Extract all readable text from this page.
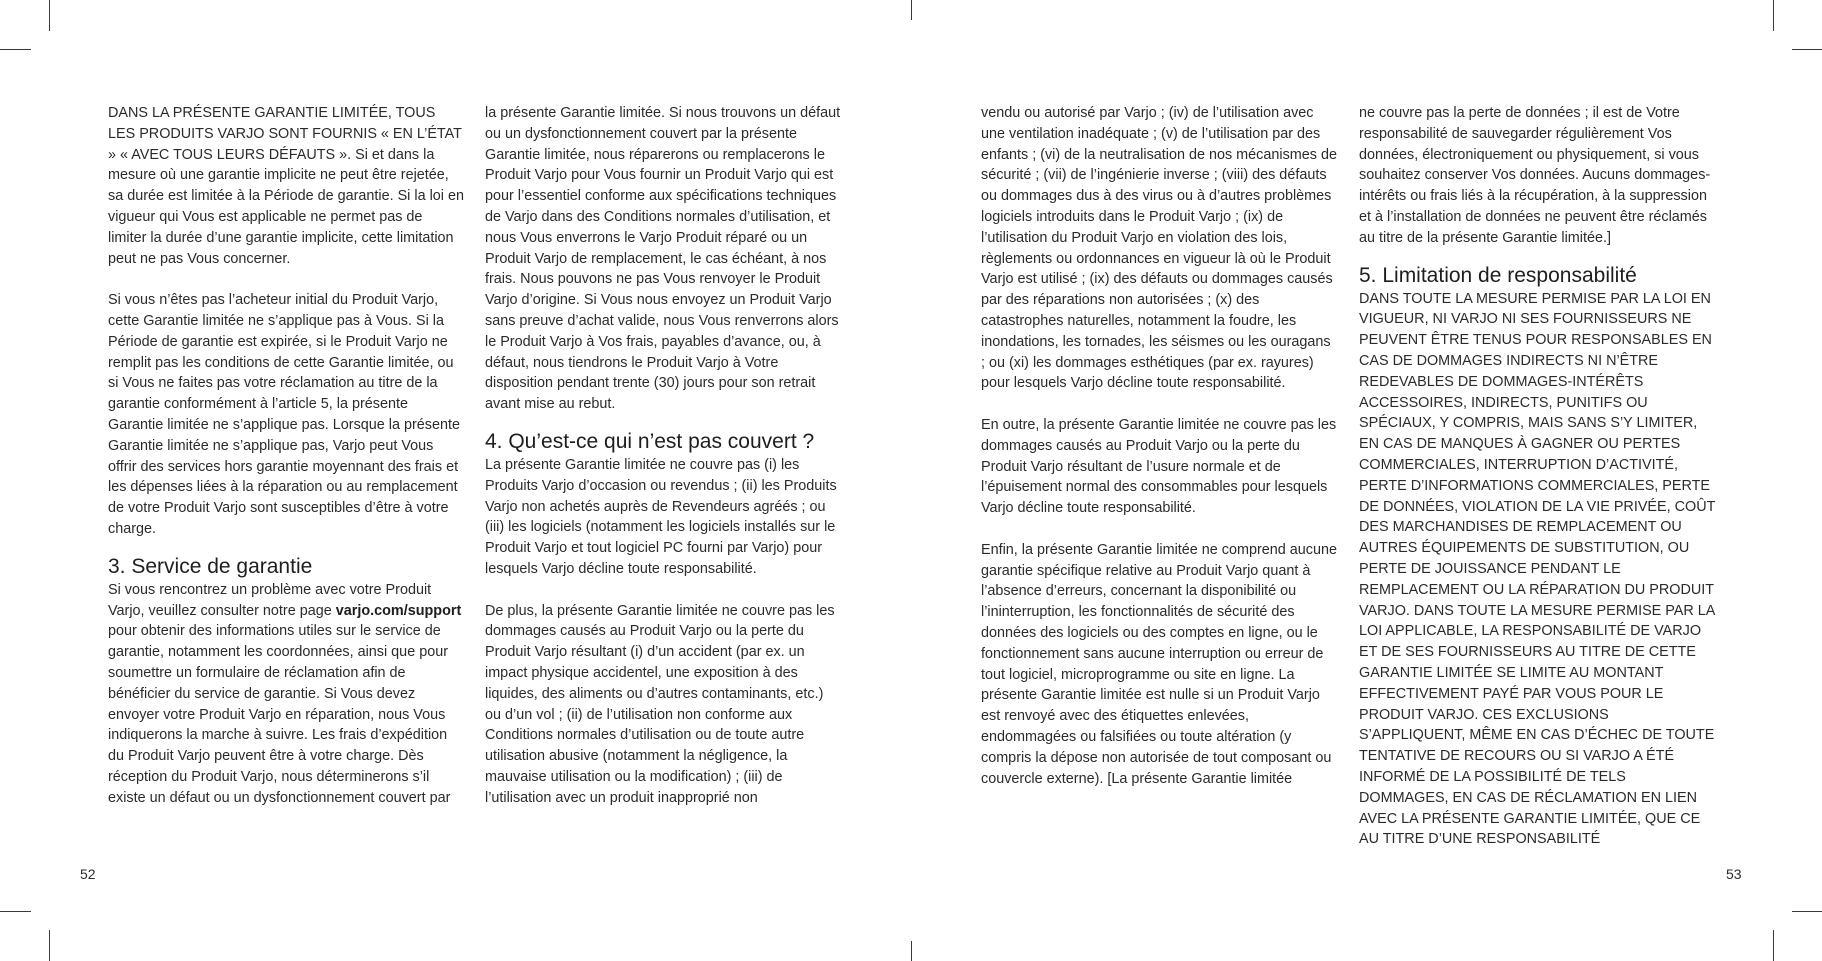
DANS LA PRÉSENTE GARANTIE LIMITÉE, TOUS LES PRODUITS VARJO SONT FOURNIS « EN L’ÉTAT » « AVEC TOUS LEURS DÉFAUTS ». Si et dans la mesure où une garantie implicite ne peut être rejetée, sa durée est limitée à la Période de garantie. Si la loi en vigueur qui Vous est applicable ne permet pas de limiter la durée d’une garantie implicite, cette limitation peut ne pas Vous concerner.

Si vous n’êtes pas l’acheteur initial du Produit Varjo, cette Garantie limitée ne s’applique pas à Vous. Si la Période de garantie est expirée, si le Produit Varjo ne remplit pas les conditions de cette Garantie limitée, ou si Vous ne faites pas votre réclamation au titre de la garantie conformément à l’article 5, la présente Garantie limitée ne s’applique pas. Lorsque la présente Garantie limitée ne s’applique pas, Varjo peut Vous offrir des services hors garantie moyennant des frais et les dépenses liées à la réparation ou au remplacement de votre Produit Varjo sont susceptibles d’être à votre charge.

3. Service de garantie

Si vous rencontrez un problème avec votre Produit Varjo, veuillez consulter notre page varjo.com/support pour obtenir des informations utiles sur le service de garantie, notamment les coordonnées, ainsi que pour soumettre un formulaire de réclamation afin de bénéficier du service de garantie. Si Vous devez envoyer votre Produit Varjo en réparation, nous Vous indiquerons la marche à suivre. Les frais d’expédition du Produit Varjo peuvent être à votre charge. Dès réception du Produit Varjo, nous déterminerons s’il existe un défaut ou un dysfonctionnement couvert par

la présente Garantie limitée. Si nous trouvons un défaut ou un dysfonctionnement couvert par la présente Garantie limitée, nous réparerons ou remplacerons le Produit Varjo pour Vous fournir un Produit Varjo qui est pour l’essentiel conforme aux spécifications techniques de Varjo dans des Conditions normales d’utilisation, et nous Vous enverrons le Varjo Produit réparé ou un Produit Varjo de remplacement, le cas échéant, à nos frais. Nous pouvons ne pas Vous renvoyer le Produit Varjo d’origine. Si Vous nous envoyez un Produit Varjo sans preuve d’achat valide, nous Vous renverrons alors le Produit Varjo à Vos frais, payables d’avance, ou, à défaut, nous tiendrons le Produit Varjo à Votre disposition pendant trente (30) jours pour son retrait avant mise au rebut.

4. Qu’est-ce qui n’est pas couvert ?

La présente Garantie limitée ne couvre pas (i) les Produits Varjo d’occasion ou revendus ; (ii) les Produits Varjo non achetés auprès de Revendeurs agréés ; ou (iii) les logiciels (notamment les logiciels installés sur le Produit Varjo et tout logiciel PC fourni par Varjo) pour lesquels Varjo décline toute responsabilité.

De plus, la présente Garantie limitée ne couvre pas les dommages causés au Produit Varjo ou la perte du Produit Varjo résultant (i) d’un accident (par ex. un impact physique accidentel, une exposition à des liquides, des aliments ou d’autres contaminants, etc.) ou d’un vol ; (ii) de l’utilisation non conforme aux Conditions normales d’utilisation ou de toute autre utilisation abusive (notamment la négligence, la mauvaise utilisation ou la modification) ; (iii) de l’utilisation avec un produit inapproprié non

52

vendu ou autorisé par Varjo ; (iv) de l’utilisation avec une ventilation inadéquate ; (v) de l’utilisation par des enfants ; (vi) de la neutralisation de nos mécanismes de sécurité ; (vii) de l’ingénierie inverse ; (viii) des défauts ou dommages dus à des virus ou à d’autres problèmes logiciels introduits dans le Produit Varjo ; (ix) de l’utilisation du Produit Varjo en violation des lois, règlements ou ordonnances en vigueur là où le Produit Varjo est utilisé ; (ix) des défauts ou dommages causés par des réparations non autorisées ; (x) des catastrophes naturelles, notamment la foudre, les inondations, les tornades, les séismes ou les ouragans ; ou (xi) les dommages esthétiques (par ex. rayures) pour lesquels Varjo décline toute responsabilité.

En outre, la présente Garantie limitée ne couvre pas les dommages causés au Produit Varjo ou la perte du Produit Varjo résultant de l’usure normale et de l’épuisement normal des consommables pour lesquels Varjo décline toute responsabilité.

Enfin, la présente Garantie limitée ne comprend aucune garantie spécifique relative au Produit Varjo quant à l’absence d’erreurs, concernant la disponibilité ou l’ininterruption, les fonctionnalités de sécurité des données des logiciels ou des comptes en ligne, ou le fonctionnement sans aucune interruption ou erreur de tout logiciel, microprogramme ou site en ligne. La présente Garantie limitée est nulle si un Produit Varjo est renvoyé avec des étiquettes enlevées, endommagées ou falsifiées ou toute altération (y compris la dépose non autorisée de tout composant ou couvercle externe). [La présente Garantie limitée

ne couvre pas la perte de données ; il est de Votre responsabilité de sauvegarder régulièrement Vos données, électroniquement ou physiquement, si vous souhaitez conserver Vos données. Aucuns dommages-intérêts ou frais liés à la récupération, à la suppression et à l’installation de données ne peuvent être réclamés au titre de la présente Garantie limitée.]

5. Limitation de responsabilité

DANS TOUTE LA MESURE PERMISE PAR LA LOI EN VIGUEUR, NI VARJO NI SES FOURNISSEURS NE PEUVENT ÊTRE TENUS POUR RESPONSABLES EN CAS DE DOMMAGES INDIRECTS NI N’ÊTRE REDEVABLES DE DOMMAGES-INTÉRÊTS ACCESSOIRES, INDIRECTS, PUNITIFS OU SPÉCIAUX, Y COMPRIS, MAIS SANS S’Y LIMITER, EN CAS DE MANQUES À GAGNER OU PERTES COMMERCIALES, INTERRUPTION D’ACTIVITÉ, PERTE D’INFORMATIONS COMMERCIALES, PERTE DE DONNÉES, VIOLATION DE LA VIE PRIVÉE, COÛT DES MARCHANDISES DE REMPLACEMENT OU AUTRES ÉQUIPEMENTS DE SUBSTITUTION, OU PERTE DE JOUISSANCE PENDANT LE REMPLACEMENT OU LA RÉPARATION DU PRODUIT VARJO. DANS TOUTE LA MESURE PERMISE PAR LA LOI APPLICABLE, LA RESPONSABILITÉ DE VARJO ET DE SES FOURNISSEURS AU TITRE DE CETTE GARANTIE LIMITÉE SE LIMITE AU MONTANT EFFECTIVEMENT PAYÉ PAR VOUS POUR LE PRODUIT VARJO. CES EXCLUSIONS S’APPLIQUENT, MÊME EN CAS D’ÉCHEC DE TOUTE TENTATIVE DE RECOURS OU SI VARJO A ÉTÉ INFORMÉ DE LA POSSIBILITÉ DE TELS DOMMAGES, EN CAS DE RÉCLAMATION EN LIEN AVEC LA PRÉSENTE GARANTIE LIMITÉE, QUE CE AU TITRE D’UNE RESPONSABILITÉ

53
